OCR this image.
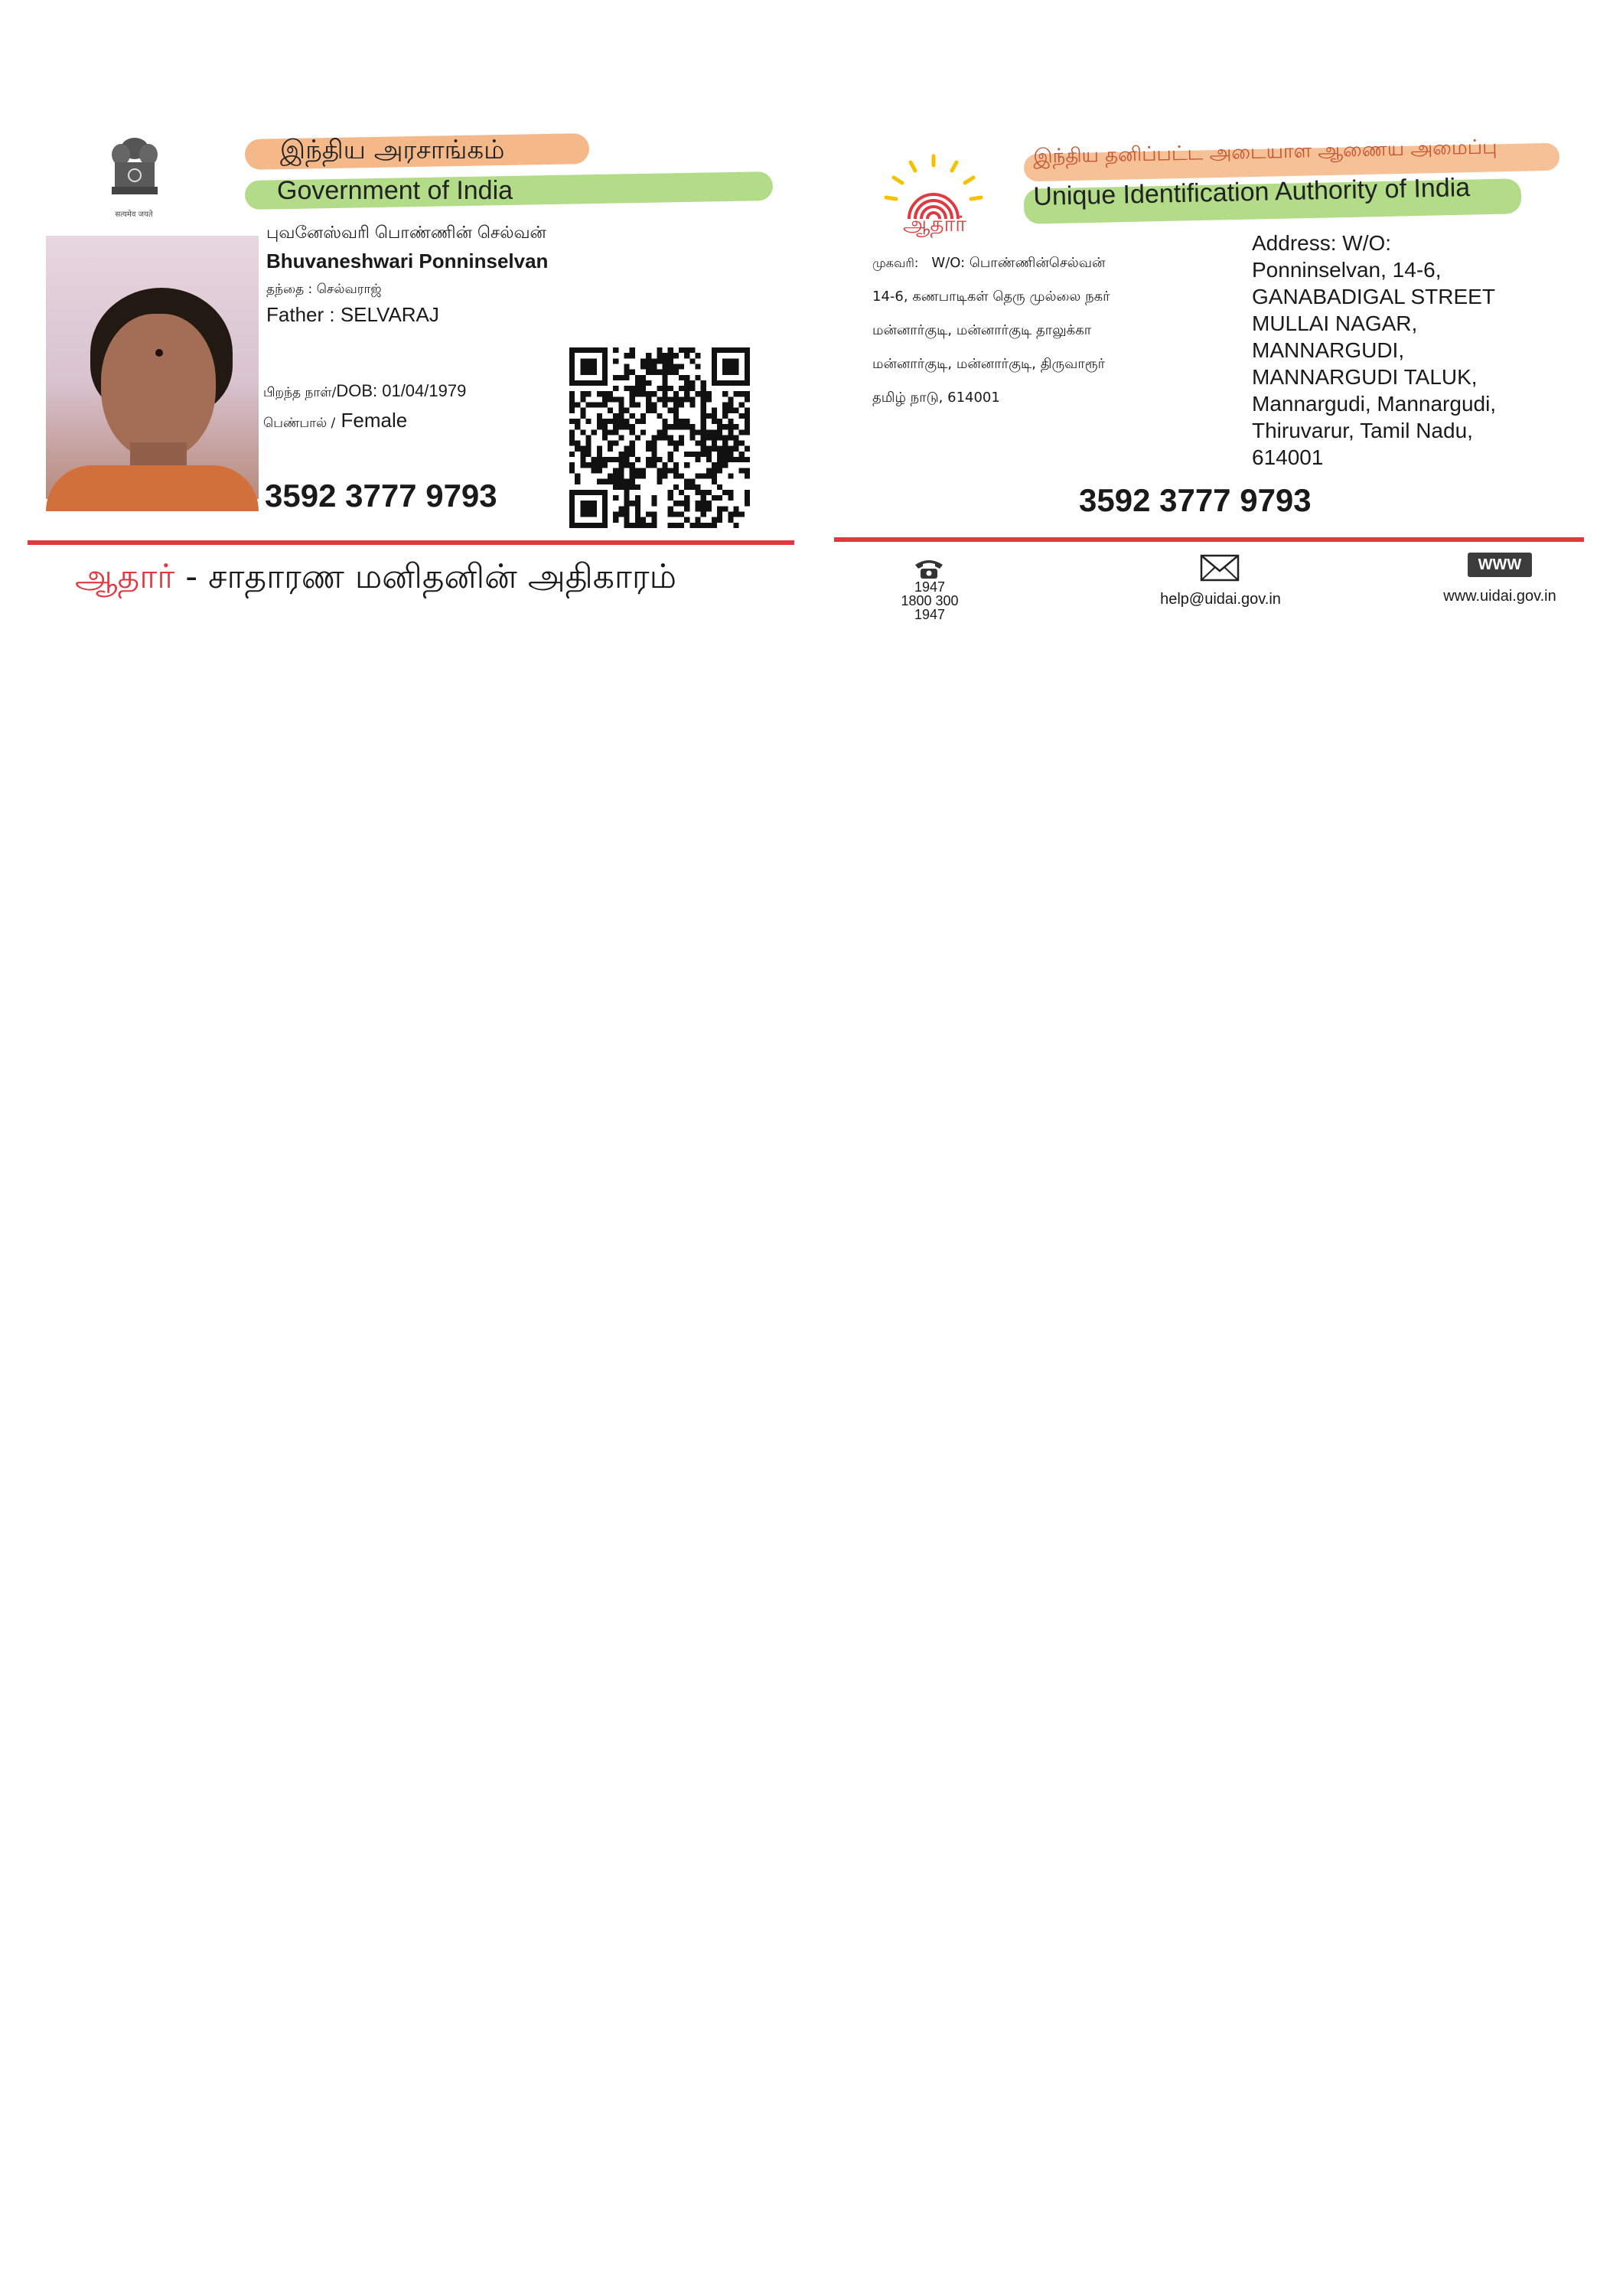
सत्यमेव जयते
இந்திய அரசாங்கம்
Government of India
புவனேஸ்வரி பொண்ணின் செல்வன்
Bhuvaneshwari Ponninselvan
தந்தை : செல்வராஜ்
Father : SELVARAJ
பிறந்த நாள்/DOB: 01/04/1979
பெண்பால் / Female
3592 3777 9793
ஆதார் - சாதாரண மனிதனின் அதிகாரம்
ஆதார்
இந்திய தனிப்பட்ட அடையாள ஆணைய அமைப்பு
Unique Identification Authority of India
முகவரி: W/O: பொண்ணின்செல்வன்
14-6, கணபாடிகள் தெரு முல்லை நகர்
மன்னார்குடி, மன்னார்குடி தாலுக்கா
மன்னார்குடி, மன்னார்குடி, திருவாரூர்
தமிழ் நாடு, 614001
Address: W/O:
Ponninselvan, 14-6,
GANABADIGAL STREET
MULLAI NAGAR,
MANNARGUDI,
MANNARGUDI TALUK,
Mannargudi, Mannargudi,
Thiruvarur, Tamil Nadu,
614001
3592 3777 9793
1947
1800 300 1947
help@uidai.gov.in
WWW
www.uidai.gov.in
